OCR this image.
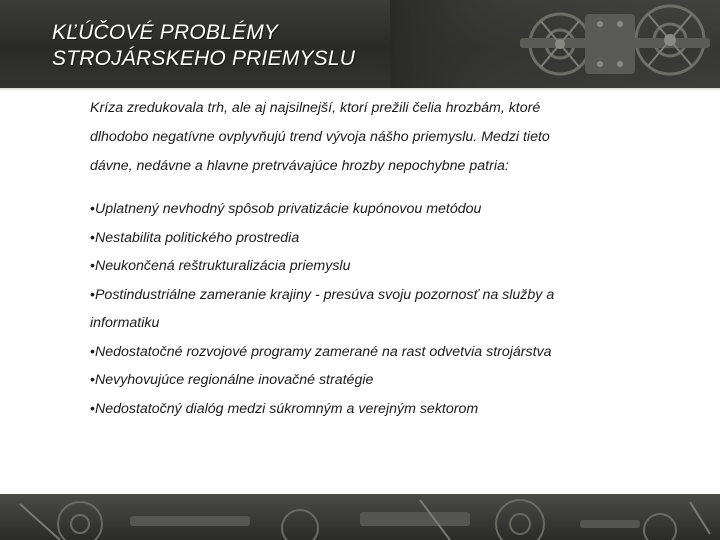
KĽÚČOVÉ PROBLÉMY
STROJÁRSKEHO PRIEMYSLU

Kríza zredukovala trh, ale aj najsilnejší, ktorí prežili čelia hrozbám, ktoré

dlhodobo negatívne ovplyvňujú trend vývoja nášho priemyslu. Medzi tieto

dávne, nedávne a hlavne pretrvávajúce hrozby nepochybne patria:

•Uplatnený nevhodný spôsob privatizácie kupónovou metódou
•Nestabilita politického prostredia
•Neukončená reštrukturalizácia priemyslu
•Postindustriálne zameranie krajiny - presúva svoju pozornosť na služby a
informatiku
•Nedostatočné rozvojové programy zamerané na rast odvetvia strojárstva
•Nevyhovujúce regionálne inovačné stratégie
•Nedostatočný dialóg medzi súkromným a verejným sektorom
